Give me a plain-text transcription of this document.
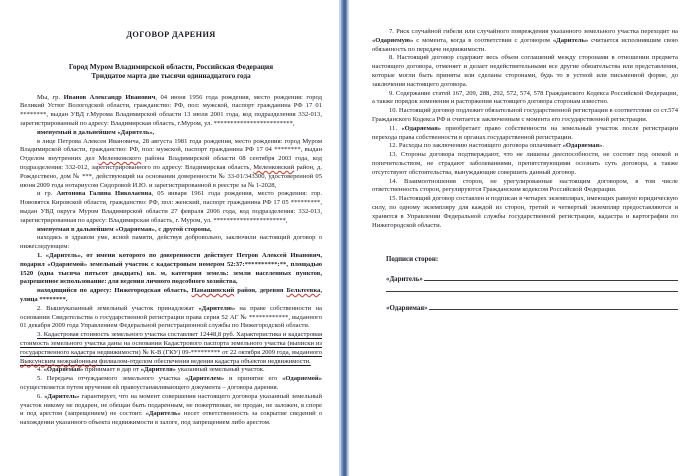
ДОГОВОР ДАРЕНИЯ
Город Муром Владимирской области, Российская Федерация
Тридцатое марта две тысячи одиннадцатого года

Мы, гр. Иванов Александр Иванович, 04 июня 1956 года рождения, место рождения: город Великий Устюг Вологодской области, гражданство: РФ, пол: мужской, паспорт гражданина РФ 17 01 ********, выдан УВД г.Мурома Владимирской области 13 июля 2001 года, код подразделения 332-013, зарегистрированный по адресу: Владимирская область, г.Муром, ул. ************************,

именуемый в дальнейшем «Даритель»,

в лице Петрова Алексея Ивановича, 28 августа 1981 года рождения, место рождения: город Муром Владимирской области, гражданство: РФ, пол: мужской, паспорт гражданина РФ 17 04 ********, выдан Отделом внутренних дел Меленковского района Владимирской области 08 сентября 2003 года, код подразделения: 332-012, зарегистрированного по адресу: Владимирская область, Меленковский район, д. Рождествено, дом № ***, действующий на основании доверенности № 33-01/343300, удостоверенной 05 июня 2009 года нотариусом Сидоровой И.Ю. и зарегистрированной в реестре за № 1-2028,

и гр. Антонова Галина Николаевна, 05 января 1961 года рождения, место рождения: гор. Нововятск Кировской области, гражданство: РФ, пол: женский, паспорт гражданина РФ 17 05 *********, выдан УВД округа Муром Владимирской области 27 февраля 2006 года, код подразделения: 332-013, зарегистрированная по адресу: Владимирская область, г. Муром, ул. **********************,

именуемая в дальнейшем «Одаряемая», с другой стороны,

находясь в здравом уме, ясной памяти, действуя добровольно, заключили настоящий договор о нижеследующем:

1. «Даритель», от имени которого по доверенности действует Петров Алексей Иванович, подарил «Одаряемой» земельный участок с кадастровым номером 52:37:**********:**, площадью 1520 (одна тысяча пятьсот двадцать) кв. м, категория земель: земли населенных пунктов, разрешенное использование: для ведения личного подсобного хозяйства,

находящийся по адресу: Нижегородская область, Навашинский район, деревня Бельтеевка, улица ********.

2. Вышеуказанный земельный участок принадлежат «Дарителю» на праве собственности на основании Свидетельства о государственной регистрации права серия 52 АГ № ************, выданного 01 декабря 2009 года Управлением Федеральной регистрационной службы по Нижегородской области.

3. Кадастровая стоимость земельного участка составляет 12448,8 руб. Характеристика и кадастровая стоимость земельного участка даны на основании Кадастрового паспорта земельного участка (выписки из государственного кадастра недвижимости) № К-В (ГКУ) 09-********* от 22 октября 2009 года, выданного Выксунским межрайонным филиалом-отделом обеспечения ведения кадастра объектов недвижимости.

4. «Одаряемая» принимает в дар от «Дарителя» указанный земельный участок.

5. Передача отчуждаемого земельного участка «Дарителем» и принятие его «Одаряемой» осуществляется путем вручения ей правоустанавливающего документа – договора дарения.

6. «Даритель» гарантирует, что на момент совершения настоящего договора указанный земельный участок никому не подарен, не обещан быть подаренным, не пожертвован, не продан, не заложен, в споре и под арестом (запрещением) не состоит. «Даритель» несет ответственность за сокрытие сведений о нахождении указанного объекта недвижимости в залоге, под запрещением либо арестом.

7. Риск случайной гибели или случайного повреждения указанного земельного участка переходит на «Одаряемую» с момента, когда в соответствии с договором «Даритель» считается исполнившим свою обязанность по передаче недвижимости.

8. Настоящий договор содержит весь объем соглашений между сторонами в отношении предмета настоящего договора, отменяет и делает недействительными все другие обязательства или представления, которые могли быть приняты или сделаны сторонами, будь то в устной или письменной форме, до заключения настоящего договора.

9. Содержание статей 167, 209, 288, 292, 572, 574, 578 Гражданского Кодекса Российской Федерации, а также порядок изменения и расторжения настоящего договора сторонам известно.

10. Настоящий договор подлежит обязательной государственной регистрации в соответствии со ст.574 Гражданского Кодекса РФ и считается заключенным с момента его государственной регистрации.

11. «Одаряемая» приобретает право собственности на земельный участок после регистрации перехода права собственности в органах государственной регистрации.

12. Расходы по заключению настоящего договора оплачивает «Одаряемая».

13. Стороны договора подтверждают, что не лишены дееспособности, не состоят под опекой и попечительством, не страдают заболеваниями, препятствующими осознать суть договора, а также отсутствуют обстоятельства, вынуждающие совершить данный договор.

14. Взаимоотношения сторон, не урегулированные настоящим договором, в том числе ответственность сторон, регулируются Гражданским кодексом Российской Федерации.

15. Настоящий договор составлен и подписан в четырех экземплярах, имеющих равную юридическую силу, по одному экземпляру для каждой из сторон, третий и четвертый экземпляр предоставляются и хранится в Управлении Федеральной службы государственной регистрации, кадастра и картографии по Нижегородской области.

Подписи сторон:
«Даритель»
«Одаряемая»
